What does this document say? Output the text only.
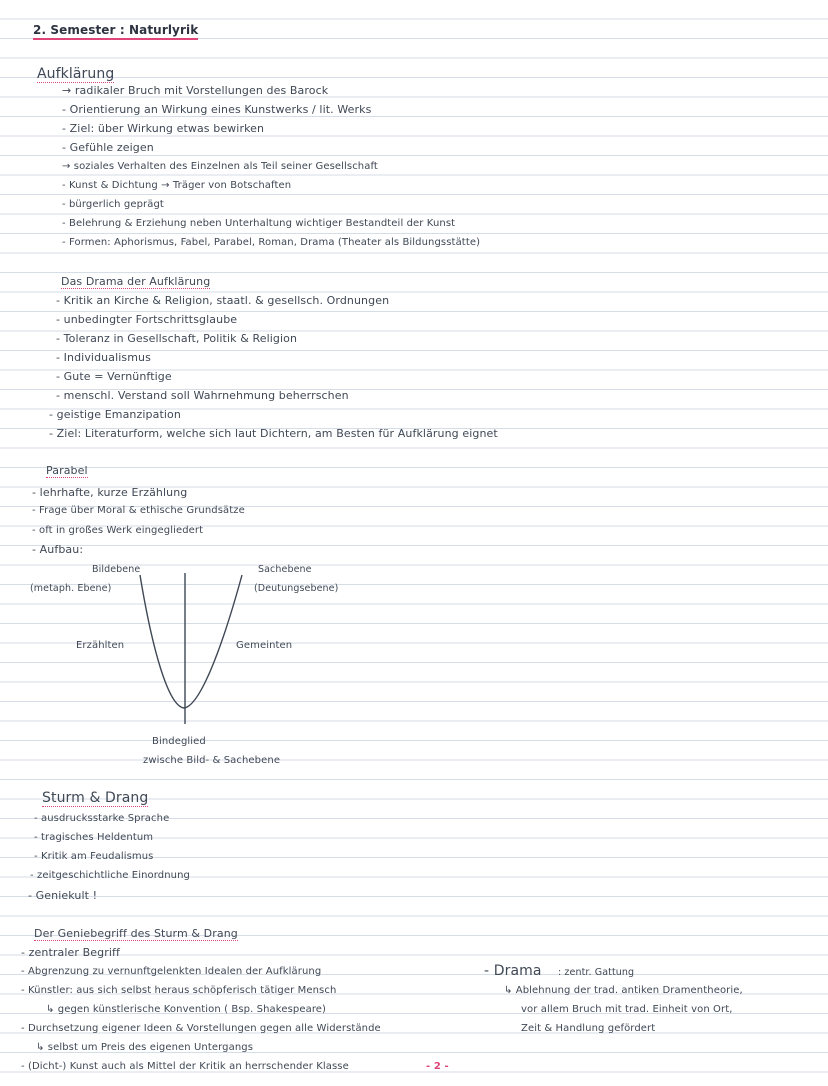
2. Semester : Naturlyrik
Aufklärung
→ radikaler Bruch mit Vorstellungen des Barock
- Orientierung an Wirkung eines Kunstwerks / lit. Werks
- Ziel: über Wirkung etwas bewirken
- Gefühle zeigen
→ soziales Verhalten des Einzelnen als Teil seiner Gesellschaft
- Kunst & Dichtung → Träger von Botschaften
- bürgerlich geprägt
- Belehrung & Erziehung neben Unterhaltung wichtiger Bestandteil der Kunst
- Formen: Aphorismus, Fabel, Parabel, Roman, Drama (Theater als Bildungsstätte)
Das Drama der Aufklärung
- Kritik an Kirche & Religion, staatl. & gesellsch. Ordnungen
- unbedingter Fortschrittsglaube
- Toleranz in Gesellschaft, Politik & Religion
- Individualismus
- Gute = Vernünftige
- menschl. Verstand soll Wahrnehmung beherrschen
- geistige Emanzipation
- Ziel: Literaturform, welche sich laut Dichtern, am Besten für Aufklärung eignet
Parabel
- lehrhafte, kurze Erzählung
- Frage über Moral & ethische Grundsätze
- oft in großes Werk eingegliedert
- Aufbau:
Bildebene
(metaph. Ebene)
Sachebene
(Deutungsebene)
Erzählten	Gemeinten
Bindeglied
zwische Bild- & Sachebene
Sturm & Drang
- ausdrucksstarke Sprache
- tragisches Heldentum
- Kritik am Feudalismus
- zeitgeschichtliche Einordnung
- Geniekult !
Der Geniebegriff des Sturm & Drang
- zentraler Begriff
- Abgrenzung zu vernunftgelenkten Idealen der Aufklärung
- Künstler: aus sich selbst heraus schöpferisch tätiger Mensch
↳ gegen künstlerische Konvention ( Bsp. Shakespeare)
- Durchsetzung eigener Ideen & Vorstellungen gegen alle Widerstände
↳ selbst um Preis des eigenen Untergangs
- (Dicht-) Kunst auch als Mittel der Kritik an herrschender Klasse	- 2 -
- Drama : zentr. Gattung
↳ Ablehnung der trad. antiken Dramentheorie,
vor allem Bruch mit trad. Einheit von Ort,
Zeit & Handlung gefördert
